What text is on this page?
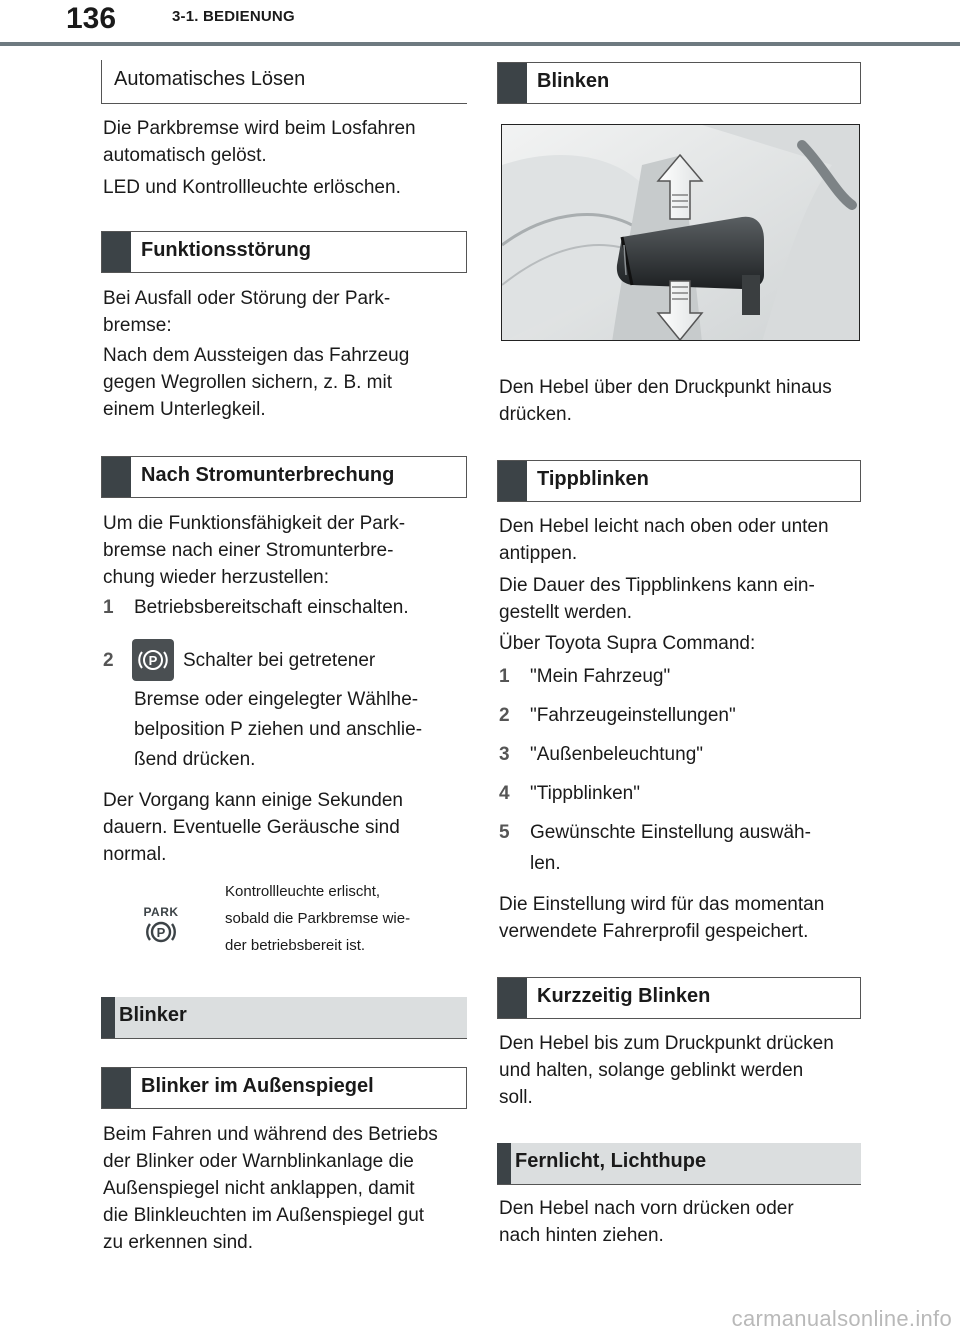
136	3-1. BEDIENUNG
Automatisches Lösen
Die Parkbremse wird beim Losfahren
automatisch gelöst.
LED und Kontrollleuchte erlöschen.
Funktionsstörung
Bei Ausfall oder Störung der Park-
bremse:
Nach dem Aussteigen das Fahrzeug
gegen Wegrollen sichern, z. B. mit
einem Unterlegkeil.
Nach Stromunterbrechung
Um die Funktionsfähigkeit der Park-
bremse nach einer Stromunterbre-
chung wieder herzustellen:
1 Betriebsbereitschaft einschalten.
2	P Schalter bei getretener
Bremse oder eingelegter Wählhe-
belposition P ziehen und anschlie-
ßend drücken.
Der Vorgang kann einige Sekunden
dauern. Eventuelle Geräusche sind
normal.
PARK
P
Kontrollleuchte erlischt,
sobald die Parkbremse wie-
der betriebsbereit ist.
Blinker
Blinker im Außenspiegel
Beim Fahren und während des Betriebs
der Blinker oder Warnblinkanlage die
Außenspiegel nicht anklappen, damit
die Blinkleuchten im Außenspiegel gut
zu erkennen sind.
Blinken
Den Hebel über den Druckpunkt hinaus
drücken.
Tippblinken
Den Hebel leicht nach oben oder unten
antippen.
Die Dauer des Tippblinkens kann ein-
gestellt werden.
Über Toyota Supra Command:
1 "Mein Fahrzeug"
2 "Fahrzeugeinstellungen"
3 "Außenbeleuchtung"
4 "Tippblinken"
5 Gewünschte Einstellung auswäh-
len.
Die Einstellung wird für das momentan
verwendete Fahrerprofil gespeichert.
Kurzzeitig Blinken
Den Hebel bis zum Druckpunkt drücken
und halten, solange geblinkt werden
soll.
Fernlicht, Lichthupe
Den Hebel nach vorn drücken oder
nach hinten ziehen.
carmanualsonline.info
